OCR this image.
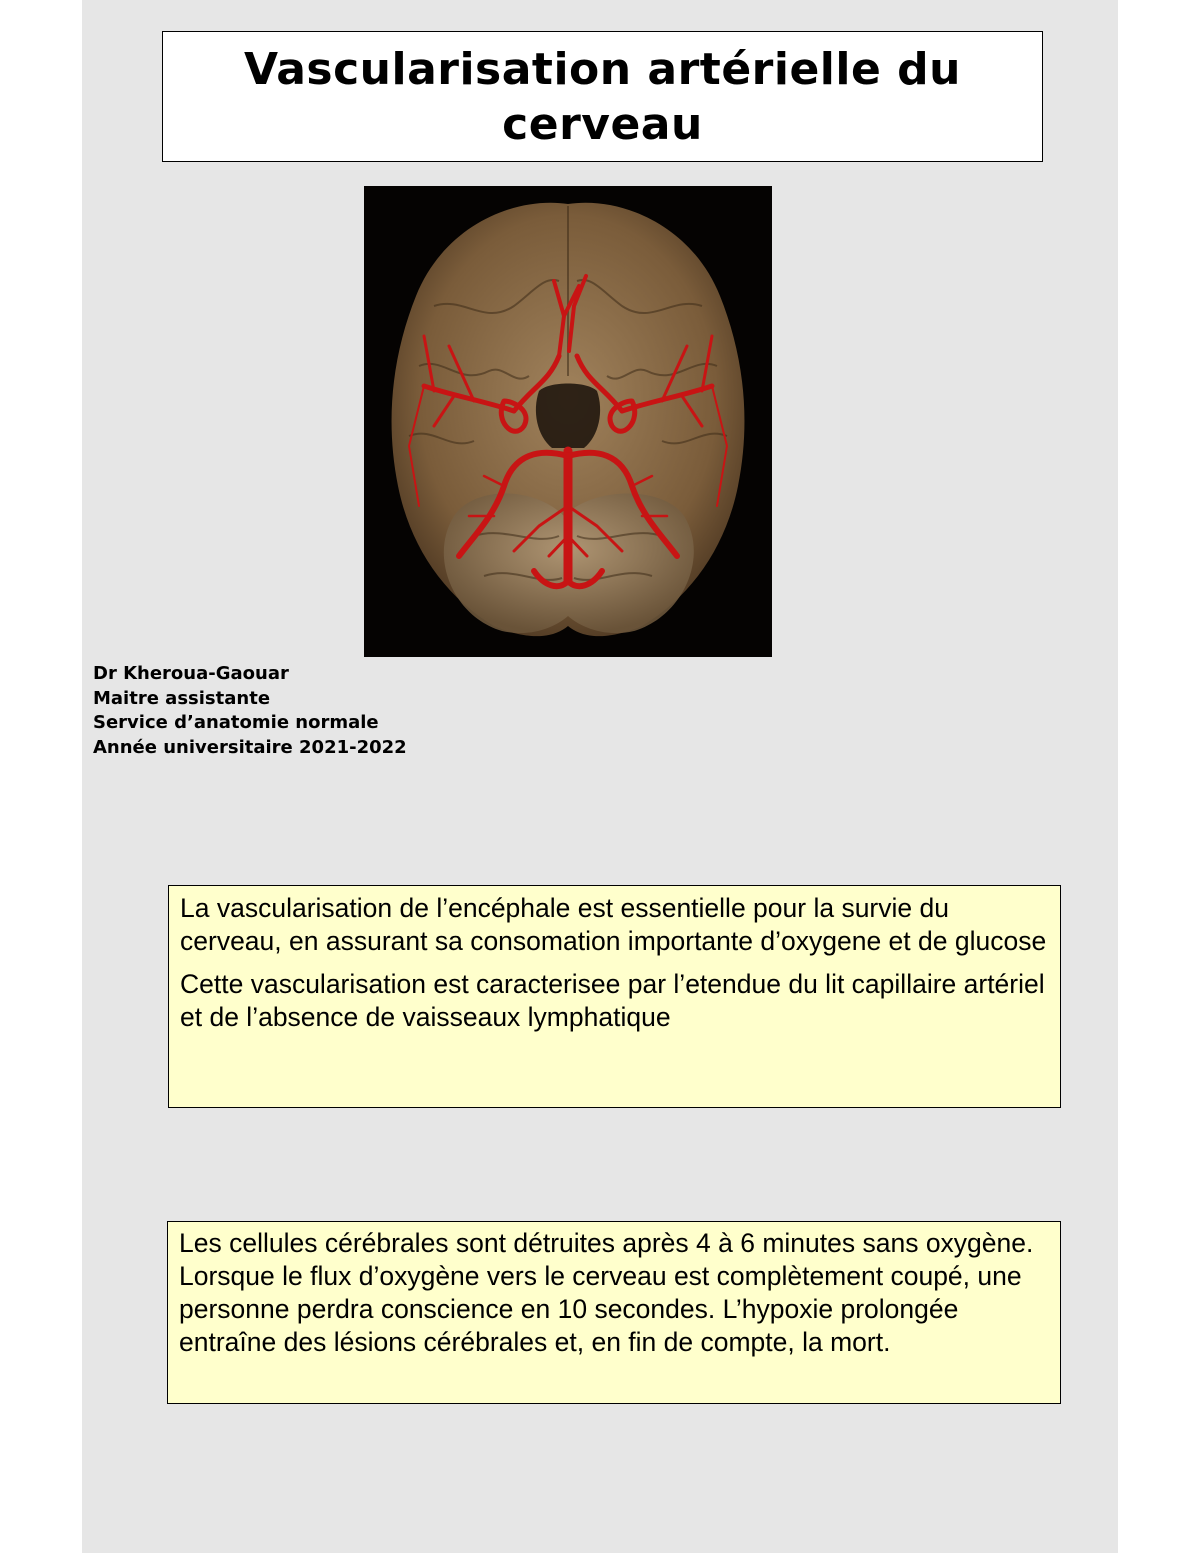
Vascularisation artérielle du cerveau
Dr Kheroua-Gaouar
Maitre assistante
Service d’anatomie normale
Année universitaire 2021-2022

La vascularisation de l’encéphale est essentielle pour la survie du cerveau, en assurant sa consomation importante d’oxygene et de glucose

Cette vascularisation est caracterisee par l’etendue du lit capillaire artériel et de l’absence de vaisseaux lymphatique

Les cellules cérébrales sont détruites après 4 à 6 minutes sans oxygène. Lorsque le flux d’oxygène vers le cerveau est complètement coupé, une personne perdra conscience en 10 secondes. L’hypoxie prolongée entraîne des lésions cérébrales et, en fin de compte, la mort.
